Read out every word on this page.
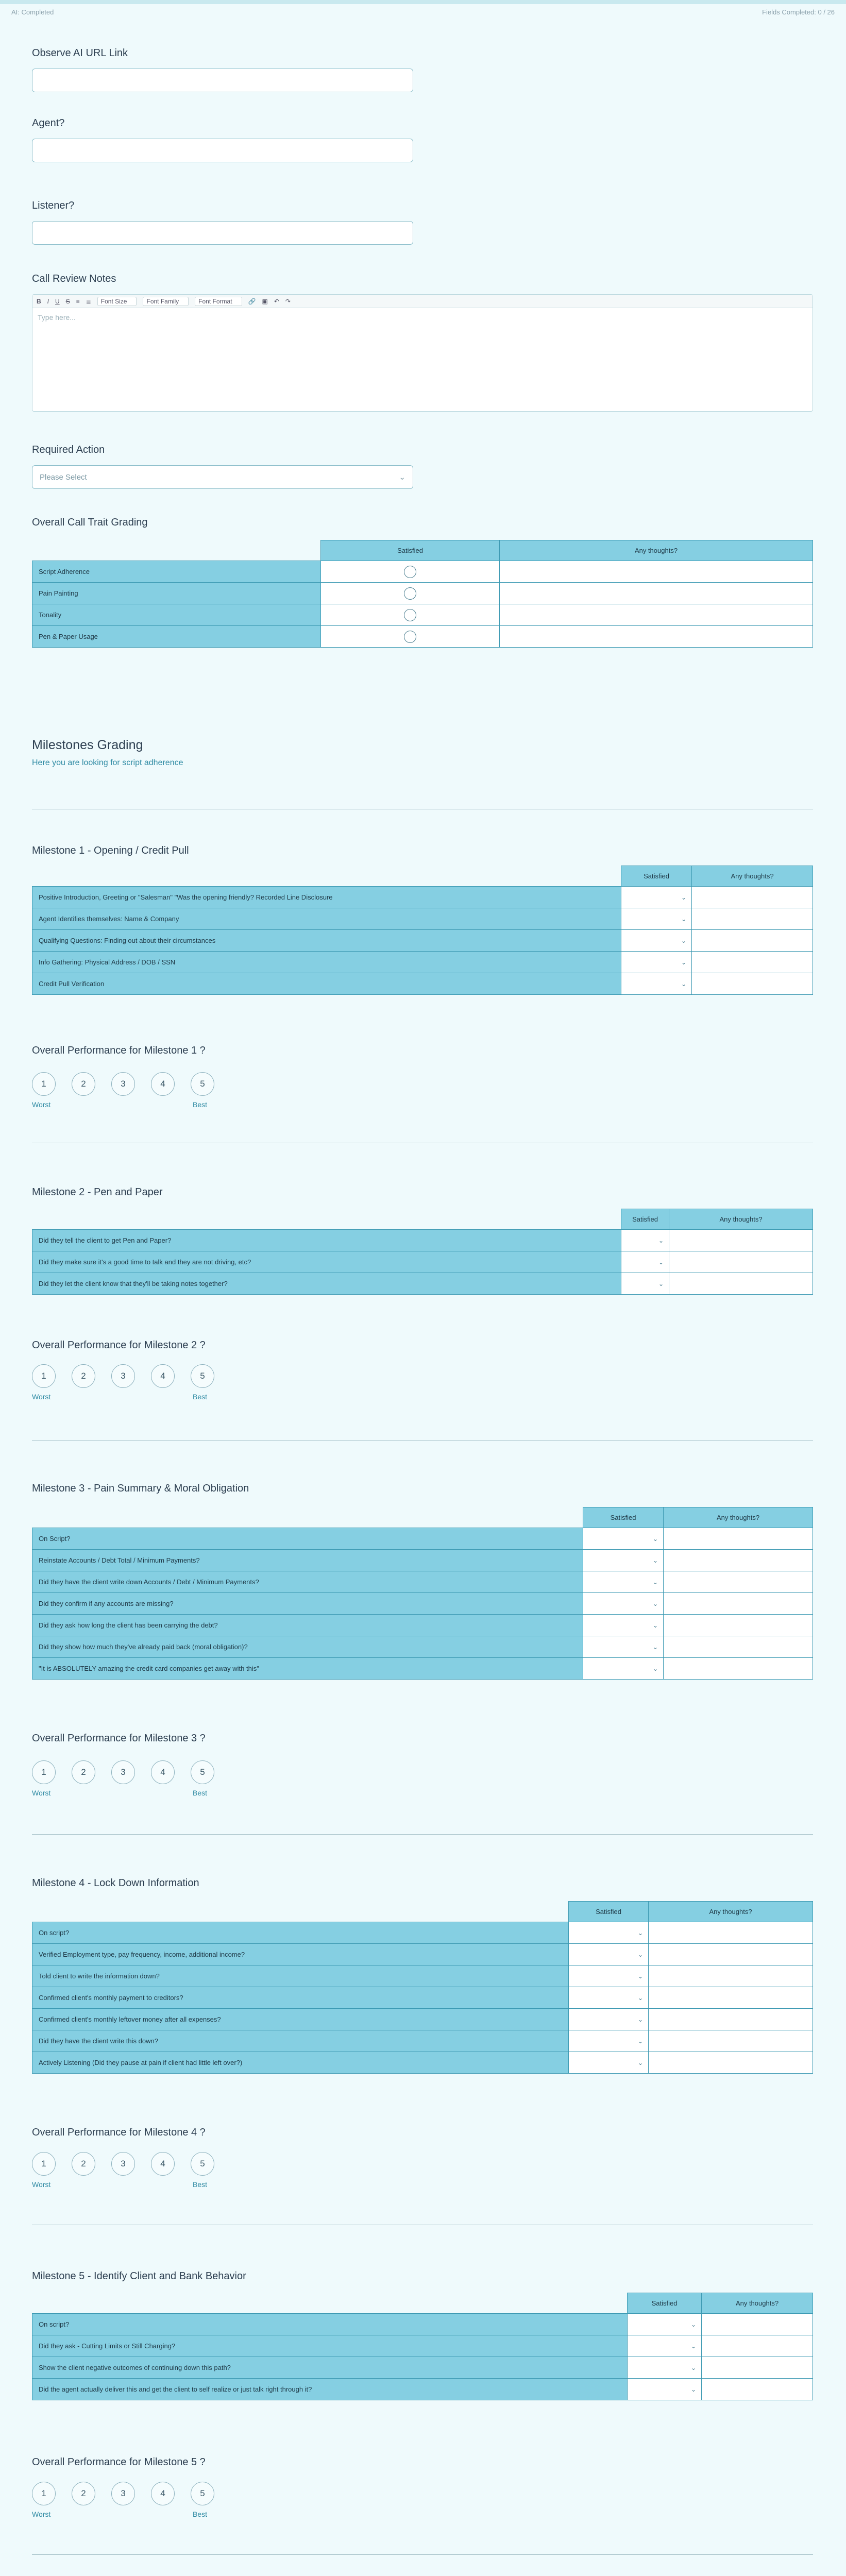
AI: Completed	Fields Completed: 0 / 26
Observe AI URL Link
Agent?
Listener?
Call Review Notes
B I U S ≡ ≣	Font Size	Font Family	Font Format	🔗 ▣ ↶ ↷
Type here...
Required Action
Please Select	⌄
Overall Call Trait Grading
	Satisfied	Any thoughts?
Script Adherence		
Pain Painting		
Tonality		
Pen & Paper Usage		
Milestones Grading
Here you are looking for script adherence
Milestone 1 - Opening / Credit Pull
	Satisfied	Any thoughts?
Positive Introduction, Greeting or "Salesman" "Was the opening friendly? Recorded Line Disclosure	⌄	

Agent Identifies themselves: Name & Company	⌄	

Qualifying Questions: Finding out about their circumstances	⌄	

Info Gathering: Physical Address / DOB / SSN	⌄	

Credit Pull Verification	⌄	

Overall Performance for Milestone 1 ?
1	2	3	4	5
Worst	Best
Milestone 2 - Pen and Paper
	Satisfied	Any thoughts?
Did they tell the client to get Pen and Paper?	⌄	

Did they make sure it's a good time to talk and they are not driving, etc?	⌄	

Did they let the client know that they'll be taking notes together?	⌄	

Overall Performance for Milestone 2 ?
1	2	3	4	5
Worst	Best
Milestone 3 - Pain Summary & Moral Obligation
	Satisfied	Any thoughts?
On Script?	⌄	

Reinstate Accounts / Debt Total / Minimum Payments?	⌄	

Did they have the client write down Accounts / Debt / Minimum Payments?	⌄	

Did they confirm if any accounts are missing?	⌄	

Did they ask how long the client has been carrying the debt?	⌄	

Did they show how much they've already paid back (moral obligation)?	⌄	

"It is ABSOLUTELY amazing the credit card companies get away with this"	⌄	

Overall Performance for Milestone 3 ?
1	2	3	4	5
Worst	Best
Milestone 4 - Lock Down Information
	Satisfied	Any thoughts?
On script?	⌄	

Verified Employment type, pay frequency, income, additional income?	⌄	

Told client to write the information down?	⌄	

Confirmed client's monthly payment to creditors?	⌄	

Confirmed client's monthly leftover money after all expenses?	⌄	

Did they have the client write this down?	⌄	

Actively Listening (Did they pause at pain if client had little left over?)	⌄	

Overall Performance for Milestone 4 ?
1	2	3	4	5
Worst	Best
Milestone 5 - Identify Client and Bank Behavior
	Satisfied	Any thoughts?
On script?	⌄	

Did they ask - Cutting Limits or Still Charging?	⌄	

Show the client negative outcomes of continuing down this path?	⌄	

Did the agent actually deliver this and get the client to self realize or just talk right through it?	⌄	

Overall Performance for Milestone 5 ?
1	2	3	4	5
Worst	Best
